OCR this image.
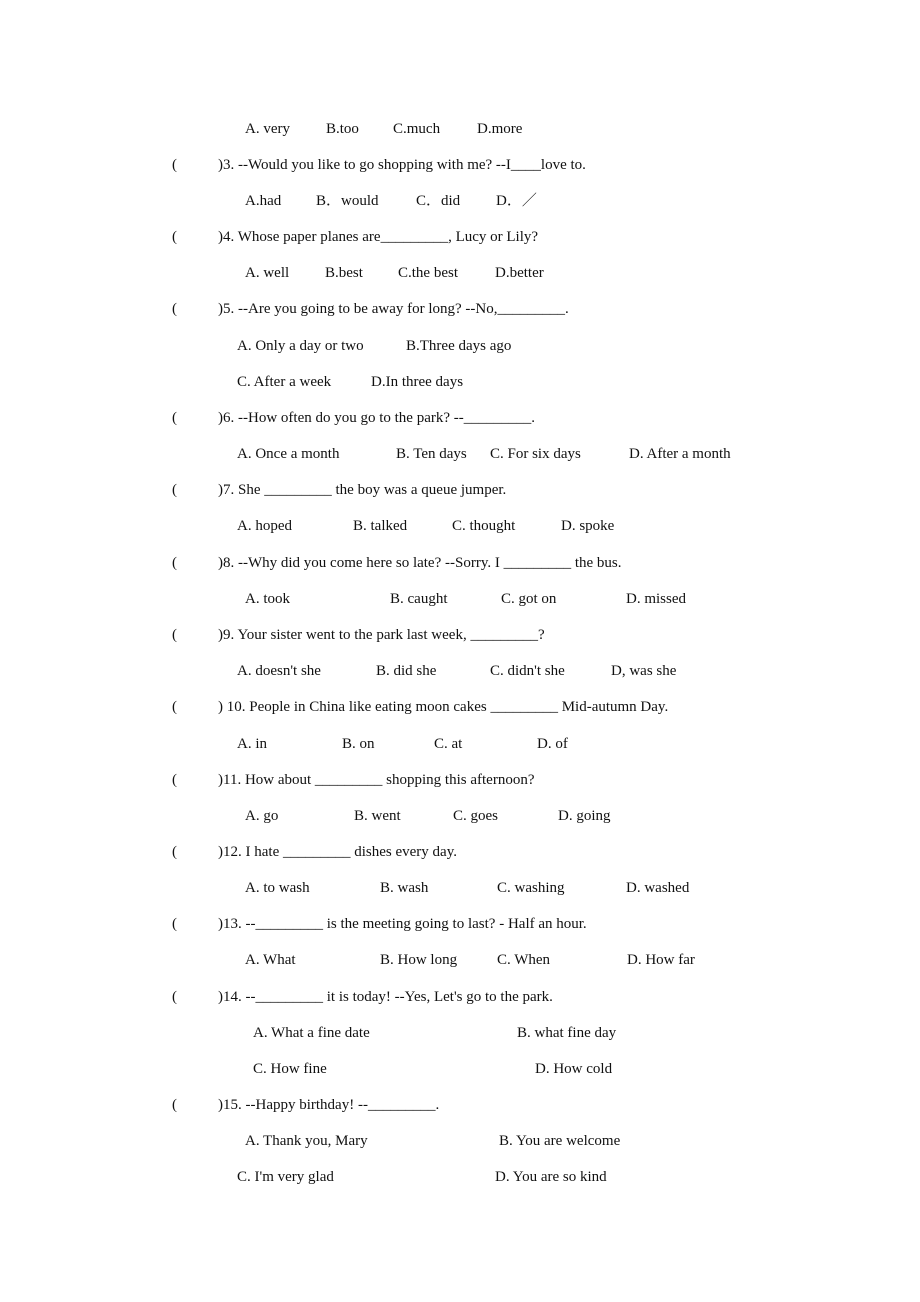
A. very B.too C.much D.more
(	)3. --Would you like to go shopping with me? --I____love to.
A.had B．would C．did D．／
(	)4. Whose paper planes are_________, Lucy or Lily?
A. well B.best C.the best D.better
(	)5. --Are you going to be away for long? --No,_________.
A. Only a day or two	B.Three days ago
C. After a week	D.In three days
(	)6. --How often do you go to the park? --_________.
A. Once a month	B. Ten days C. For six days	D. After a month
(	)7. She _________ the boy was a queue jumper.
A. hoped	B. talked	C. thought	D. spoke
(	)8. --Why did you come here so late? --Sorry. I _________ the bus.
A. took	B. caught	C. got on	D. missed
(	)9. Your sister went to the park last week, _________?
A. doesn't she	B. did she	C. didn't she	D, was she
(	) 10. People in China like eating moon cakes _________ Mid-autumn Day.
A. in	B. on	C. at	D. of
(	)11. How about _________ shopping this afternoon?
A. go	B. went	C. goes	D. going
(	)12. I hate _________ dishes every day.
A. to wash	B. wash	C. washing	D. washed
(	)13. --_________ is the meeting going to last? - Half an hour.
A. What	B. How long	C. When	D. How far
(	)14. --_________ it is today! --Yes, Let's go to the park.
A. What a fine date	B. what fine day
C. How fine	D. How cold
(	)15. --Happy birthday! --_________.
A. Thank you, Mary	B. You are welcome
C. I'm very glad	D. You are so kind
